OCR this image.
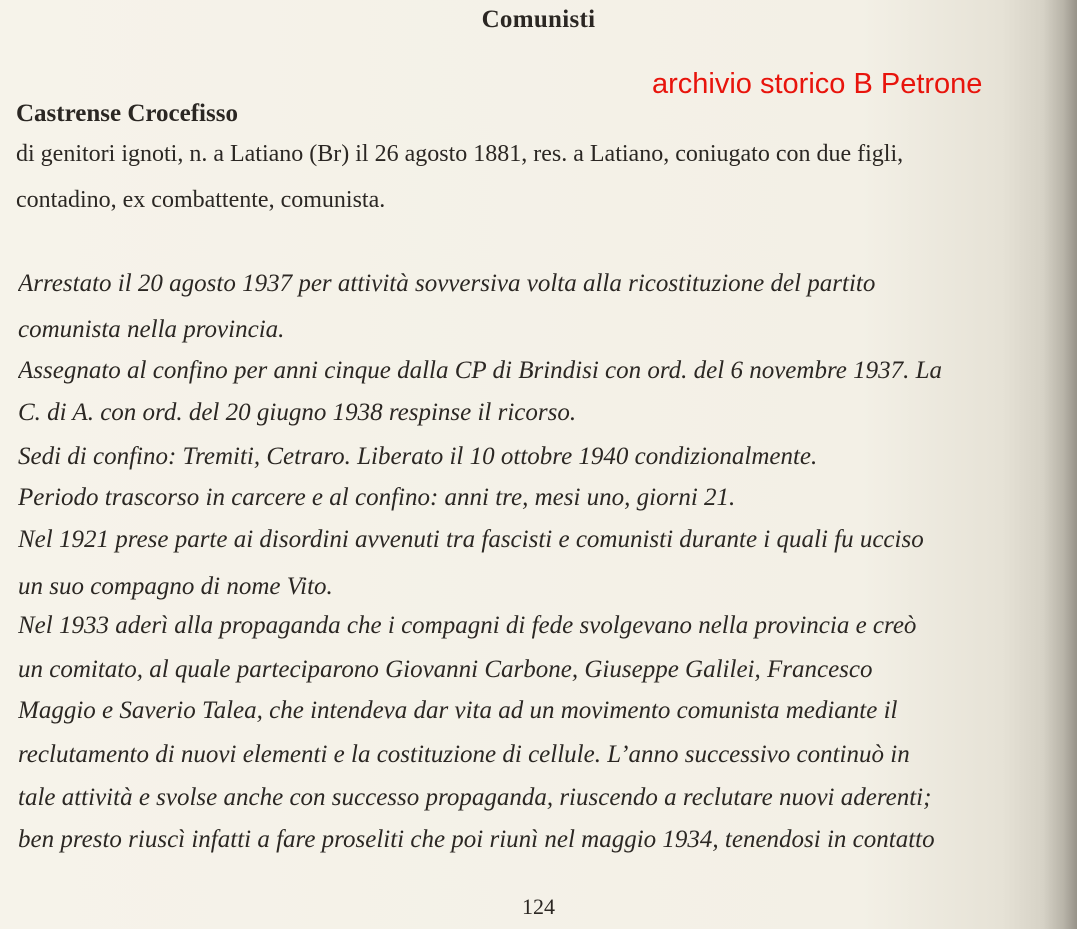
Comunisti
archivio storico B Petrone
Castrense Crocefisso
di genitori ignoti, n. a Latiano (Br) il 26 agosto 1881, res. a Latiano, coniugato con due figli,
contadino, ex combattente, comunista.
Arrestato il 20 agosto 1937 per attività sovversiva volta alla ricostituzione del partito
comunista nella provincia.
Assegnato al confino per anni cinque dalla CP di Brindisi con ord. del 6 novembre 1937. La
C. di A. con ord. del 20 giugno 1938 respinse il ricorso.
Sedi di confino: Tremiti, Cetraro. Liberato il 10 ottobre 1940 condizionalmente.
Periodo trascorso in carcere e al confino: anni tre, mesi uno, giorni 21.
Nel 1921 prese parte ai disordini avvenuti tra fascisti e comunisti durante i quali fu ucciso
un suo compagno di nome Vito.
Nel 1933 aderì alla propaganda che i compagni di fede svolgevano nella provincia e creò
un comitato, al quale parteciparono Giovanni Carbone, Giuseppe Galilei, Francesco
Maggio e Saverio Talea, che intendeva dar vita ad un movimento comunista mediante il
reclutamento di nuovi elementi e la costituzione di cellule. L’anno successivo continuò in
tale attività e svolse anche con successo propaganda, riuscendo a reclutare nuovi aderenti;
ben presto riuscì infatti a fare proseliti che poi riunì nel maggio 1934, tenendosi in contatto
124
